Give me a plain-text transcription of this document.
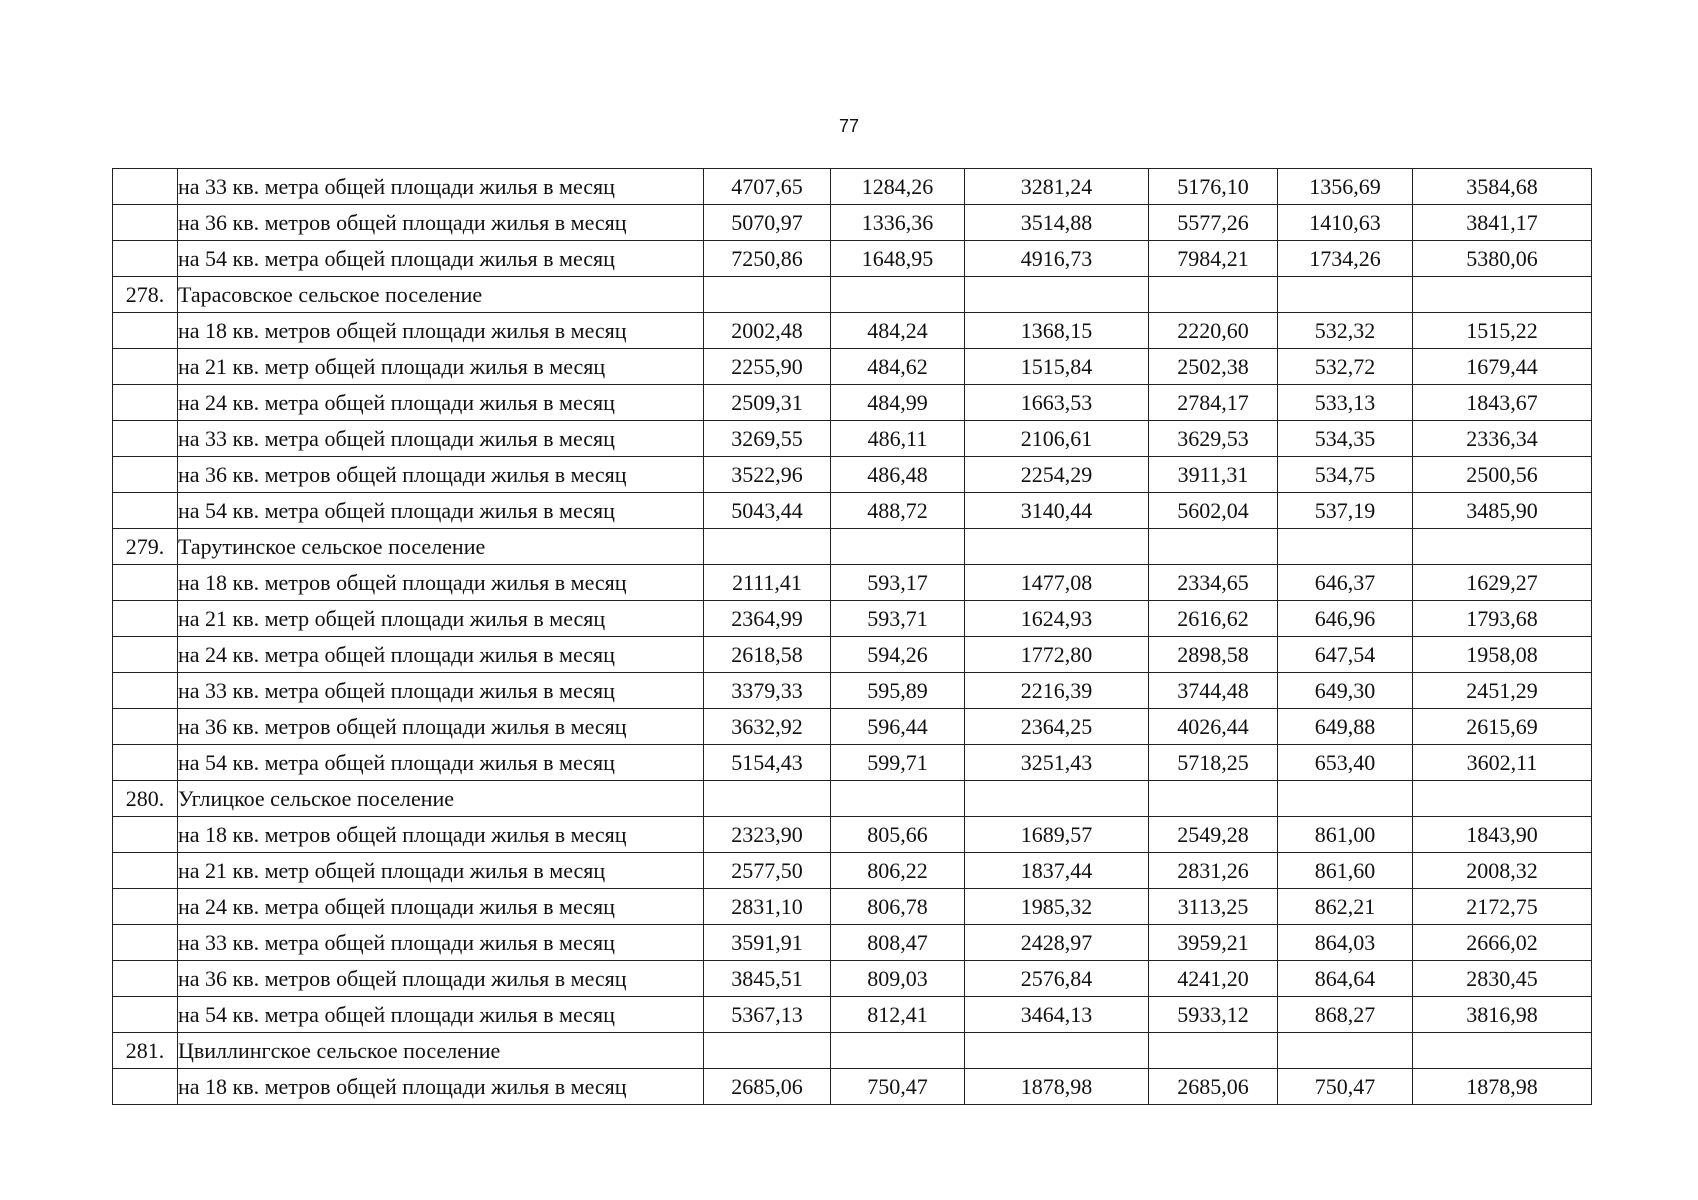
77
	на 33 кв. метра общей площади жилья в месяц	4707,65	1284,26	3281,24	5176,10	1356,69	3584,68
	на 36 кв. метров общей площади жилья в месяц	5070,97	1336,36	3514,88	5577,26	1410,63	3841,17
	на 54 кв. метра общей площади жилья в месяц	7250,86	1648,95	4916,73	7984,21	1734,26	5380,06
278.	Тарасовское сельское поселение						
	на 18 кв. метров общей площади жилья в месяц	2002,48	484,24	1368,15	2220,60	532,32	1515,22
	на 21 кв. метр общей площади жилья в месяц	2255,90	484,62	1515,84	2502,38	532,72	1679,44
	на 24 кв. метра общей площади жилья в месяц	2509,31	484,99	1663,53	2784,17	533,13	1843,67
	на 33 кв. метра общей площади жилья в месяц	3269,55	486,11	2106,61	3629,53	534,35	2336,34
	на 36 кв. метров общей площади жилья в месяц	3522,96	486,48	2254,29	3911,31	534,75	2500,56
	на 54 кв. метра общей площади жилья в месяц	5043,44	488,72	3140,44	5602,04	537,19	3485,90
279.	Тарутинское сельское поселение						
	на 18 кв. метров общей площади жилья в месяц	2111,41	593,17	1477,08	2334,65	646,37	1629,27
	на 21 кв. метр общей площади жилья в месяц	2364,99	593,71	1624,93	2616,62	646,96	1793,68
	на 24 кв. метра общей площади жилья в месяц	2618,58	594,26	1772,80	2898,58	647,54	1958,08
	на 33 кв. метра общей площади жилья в месяц	3379,33	595,89	2216,39	3744,48	649,30	2451,29
	на 36 кв. метров общей площади жилья в месяц	3632,92	596,44	2364,25	4026,44	649,88	2615,69
	на 54 кв. метра общей площади жилья в месяц	5154,43	599,71	3251,43	5718,25	653,40	3602,11
280.	Углицкое сельское поселение						
	на 18 кв. метров общей площади жилья в месяц	2323,90	805,66	1689,57	2549,28	861,00	1843,90
	на 21 кв. метр общей площади жилья в месяц	2577,50	806,22	1837,44	2831,26	861,60	2008,32
	на 24 кв. метра общей площади жилья в месяц	2831,10	806,78	1985,32	3113,25	862,21	2172,75
	на 33 кв. метра общей площади жилья в месяц	3591,91	808,47	2428,97	3959,21	864,03	2666,02
	на 36 кв. метров общей площади жилья в месяц	3845,51	809,03	2576,84	4241,20	864,64	2830,45
	на 54 кв. метра общей площади жилья в месяц	5367,13	812,41	3464,13	5933,12	868,27	3816,98
281.	Цвиллингское сельское поселение						
	на 18 кв. метров общей площади жилья в месяц	2685,06	750,47	1878,98	2685,06	750,47	1878,98
